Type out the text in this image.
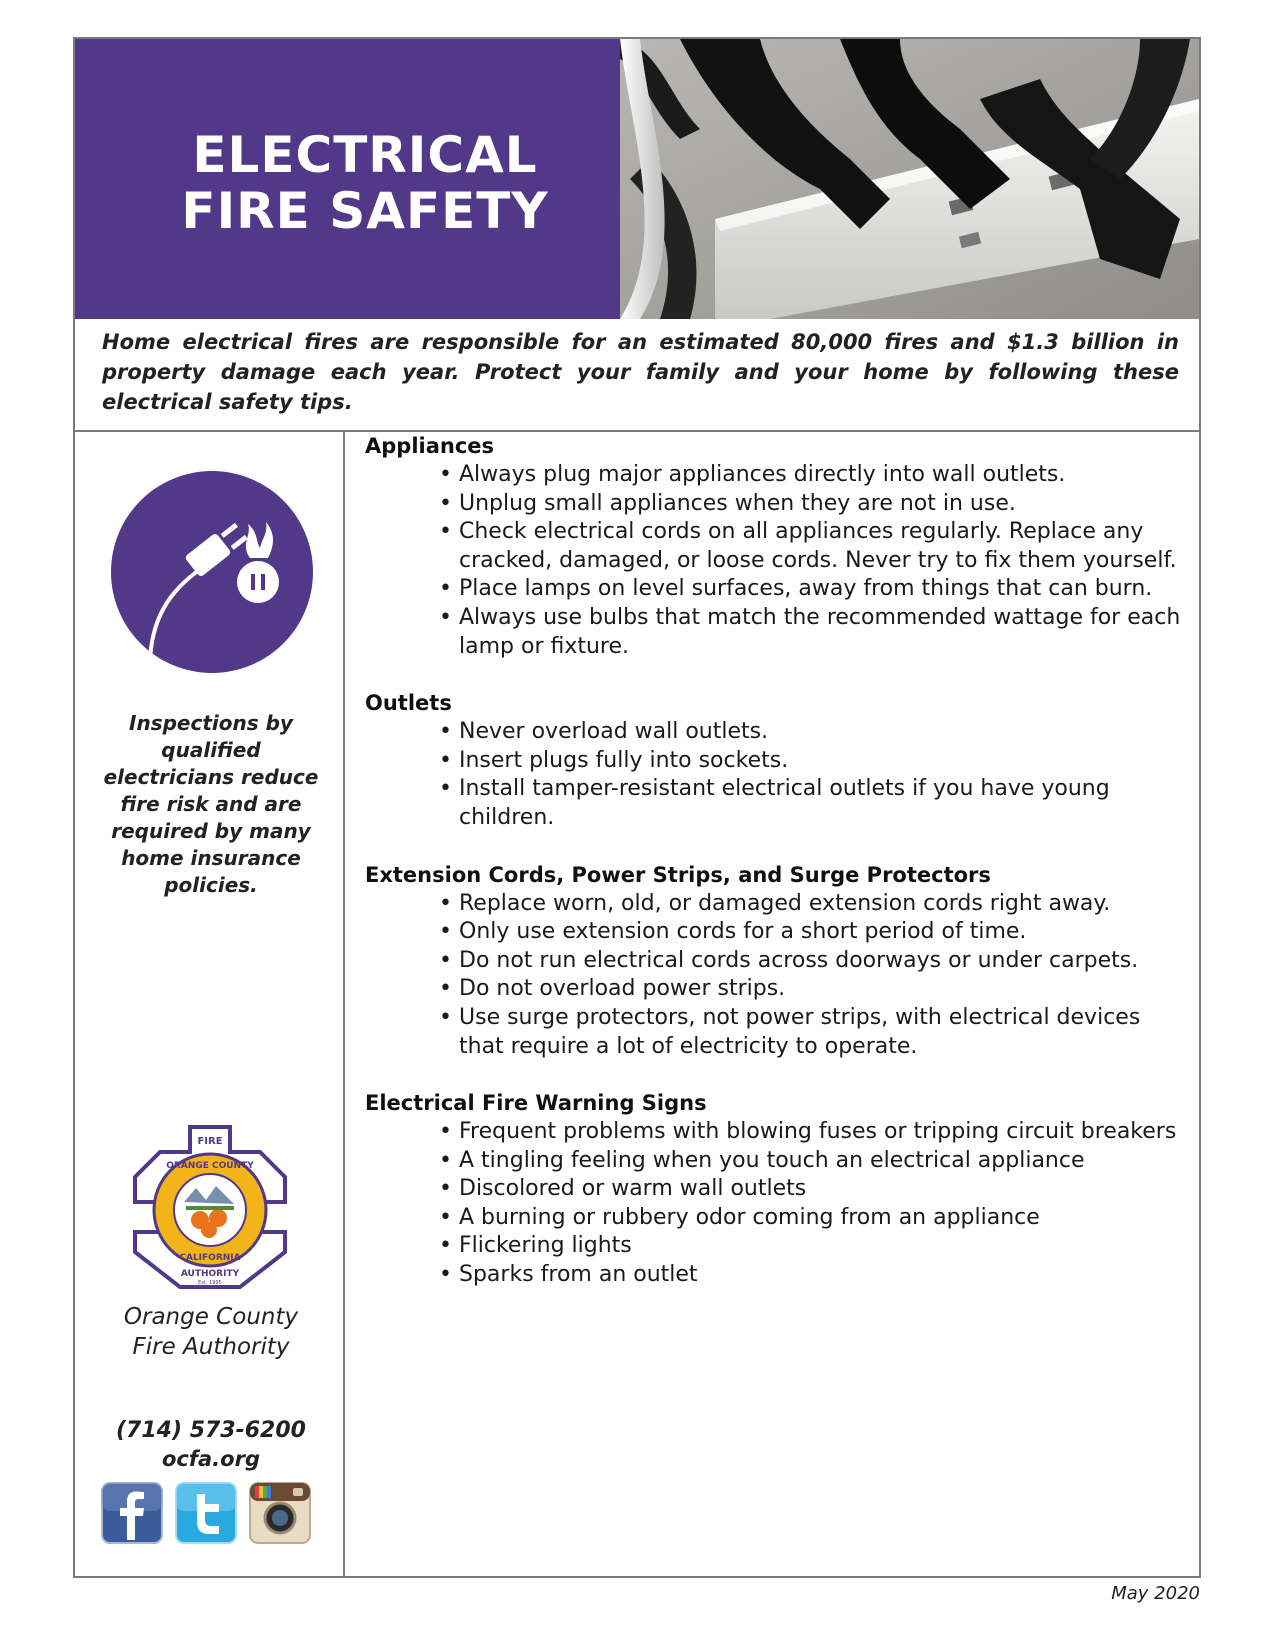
ELECTRICAL
FIRE SAFETY
Home electrical fires are responsible for an estimated 80,000 fires and $1.3 billion in property damage each year. Protect your family and your home by following these electrical safety tips.
Inspections by qualified electricians reduce fire risk and are required by many home insurance policies.
FIRE
ORANGE COUNTY
CALIFORNIA
AUTHORITY
Est. 1995
Orange County
Fire Authority
(714) 573-6200
ocfa.org
Appliances
• Always plug major appliances directly into wall outlets.
• Unplug small appliances when they are not in use.
• Check electrical cords on all appliances regularly. Replace any cracked, damaged, or loose cords. Never try to fix them yourself.
• Place lamps on level surfaces, away from things that can burn.
• Always use bulbs that match the recommended wattage for each lamp or fixture.
Outlets
• Never overload wall outlets.
• Insert plugs fully into sockets.
• Install tamper-resistant electrical outlets if you have young children.
Extension Cords, Power Strips, and Surge Protectors
• Replace worn, old, or damaged extension cords right away.
• Only use extension cords for a short period of time.
• Do not run electrical cords across doorways or under carpets.
• Do not overload power strips.
• Use surge protectors, not power strips, with electrical devices that require a lot of electricity to operate.
Electrical Fire Warning Signs
• Frequent problems with blowing fuses or tripping circuit breakers
• A tingling feeling when you touch an electrical appliance
• Discolored or warm wall outlets
• A burning or rubbery odor coming from an appliance
• Flickering lights
• Sparks from an outlet
May 2020
